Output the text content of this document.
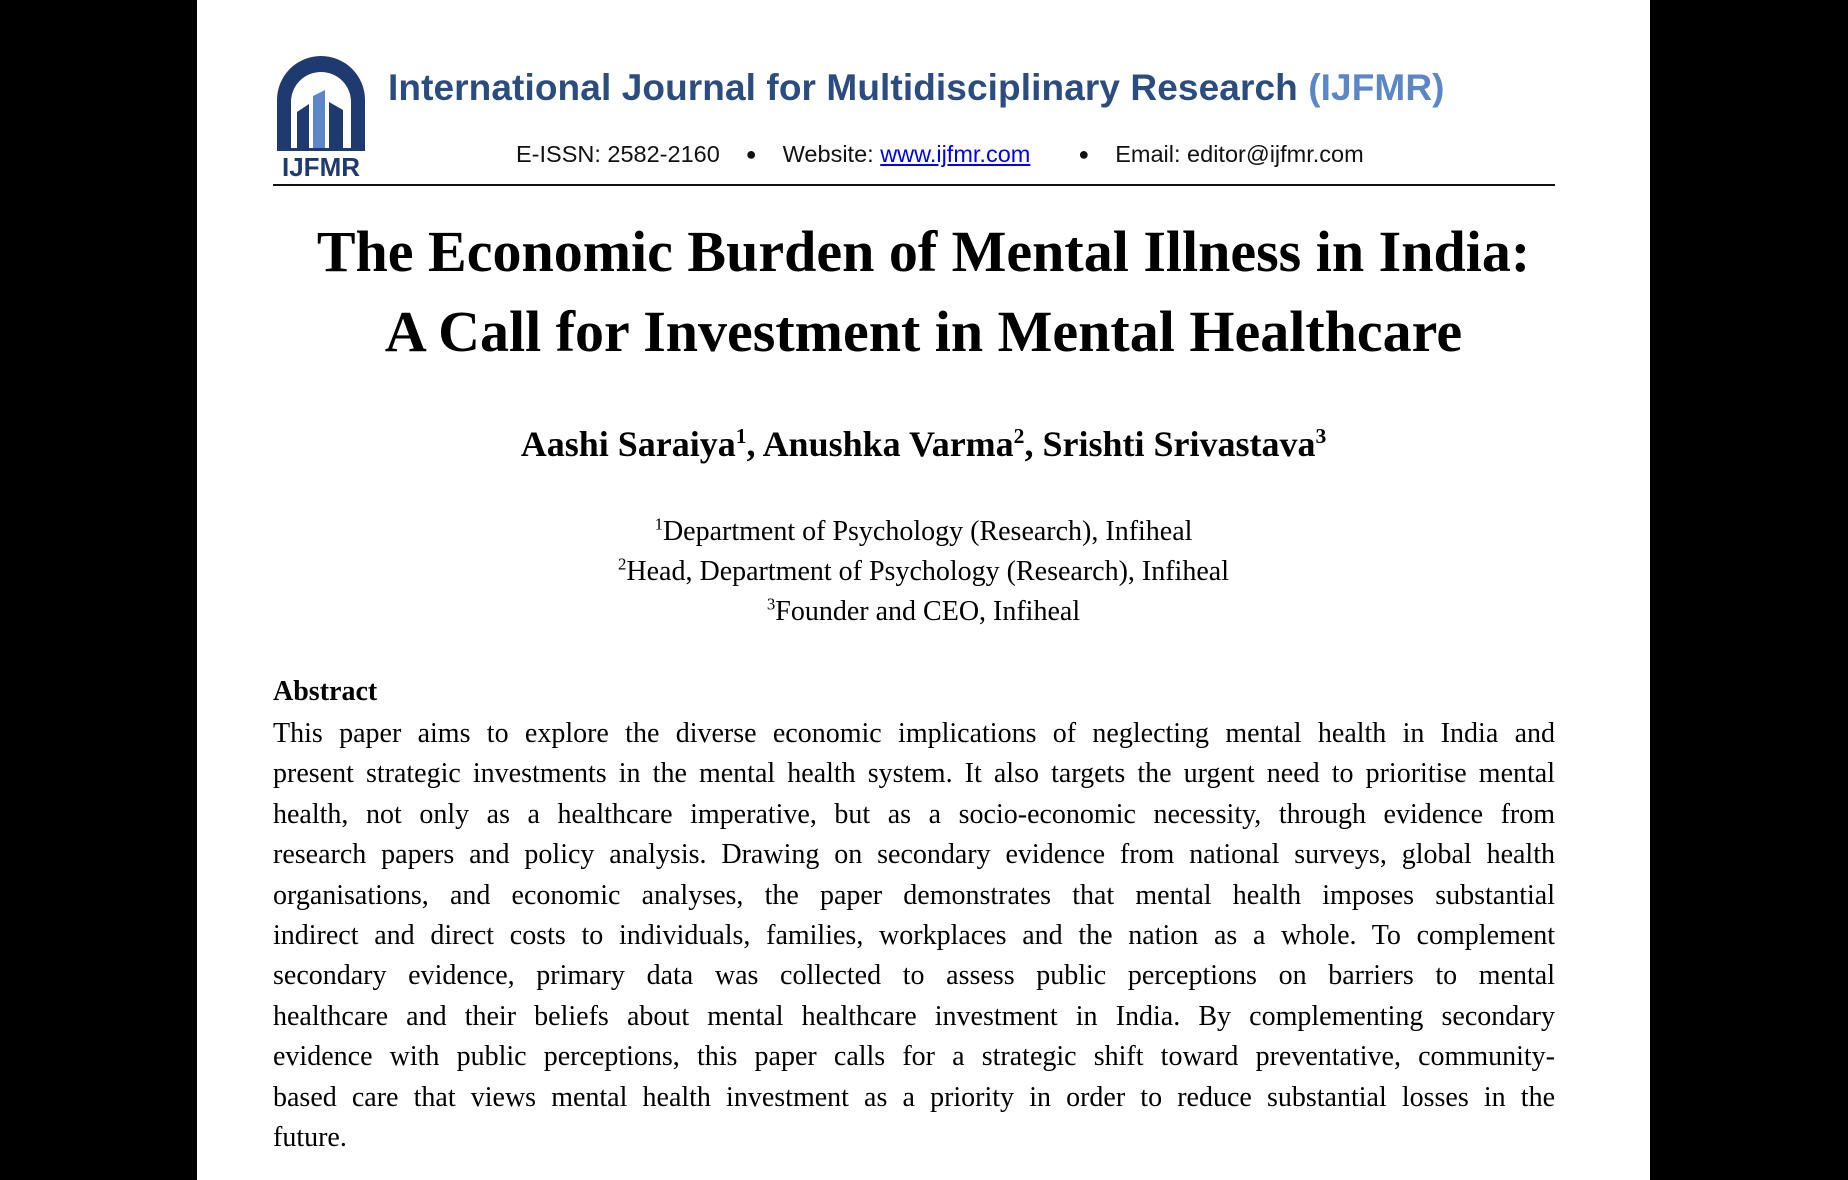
IJFMR
International Journal for Multidisciplinary Research (IJFMR)
E-ISSN: 2582-2160 ● Website: www.ijfmr.com	● Email: editor@ijfmr.com
The Economic Burden of Mental Illness in India:
A Call for Investment in Mental Healthcare
Aashi Saraiya$^1$, Anushka Varma$^2$, Srishti Srivastava$^3$
$^1$Department of Psychology (Research), Infiheal
$^2$Head, Department of Psychology (Research), Infiheal
$^3$Founder and CEO, Infiheal
Abstract
This paper aims to explore the diverse economic implications of neglecting mental health in India and
present strategic investments in the mental health system. It also targets the urgent need to prioritise mental
health, not only as a healthcare imperative, but as a socio-economic necessity, through evidence from
research papers and policy analysis. Drawing on secondary evidence from national surveys, global health
organisations, and economic analyses, the paper demonstrates that mental health imposes substantial
indirect and direct costs to individuals, families, workplaces and the nation as a whole. To complement
secondary evidence, primary data was collected to assess public perceptions on barriers to mental
healthcare and their beliefs about mental healthcare investment in India. By complementing secondary
evidence with public perceptions, this paper calls for a strategic shift toward preventative, community-
based care that views mental health investment as a priority in order to reduce substantial losses in the
future.
